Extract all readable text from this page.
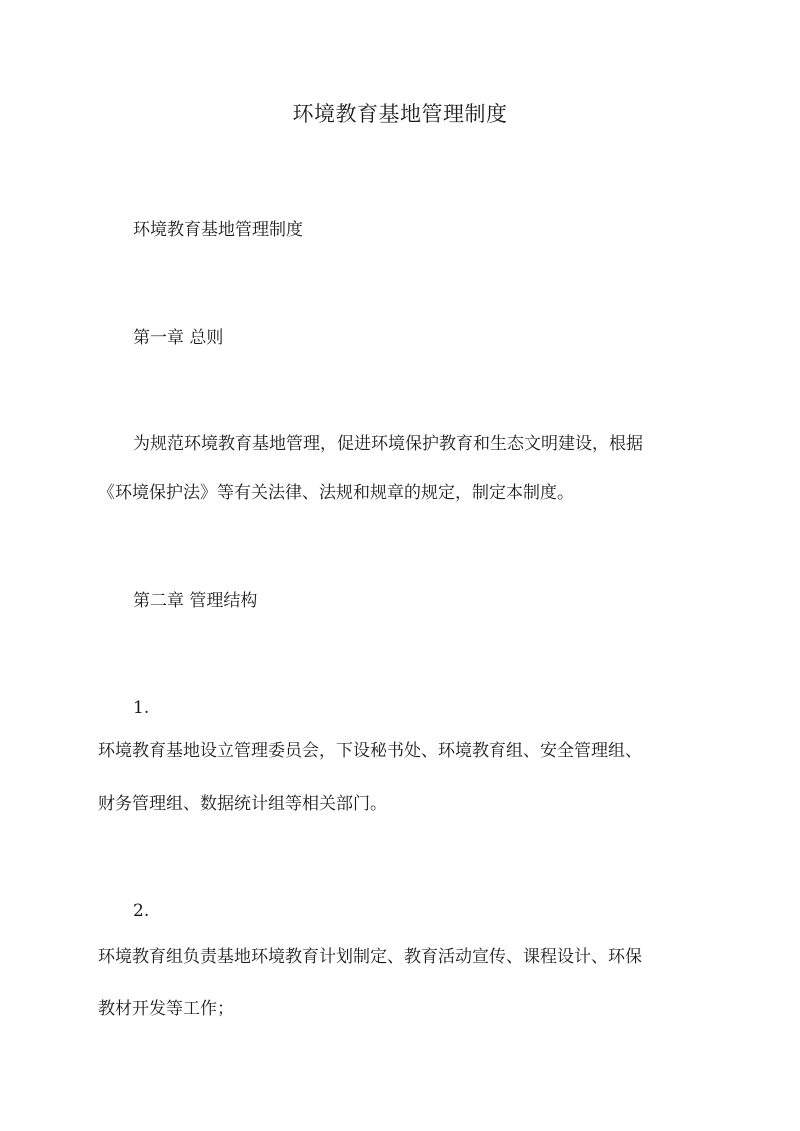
环境教育基地管理制度
环境教育基地管理制度
第一章 总则
为规范环境教育基地管理，促进环境保护教育和生态文明建设，根据
《环境保护法》等有关法律、法规和规章的规定，制定本制度。
第二章 管理结构
1.
环境教育基地设立管理委员会，下设秘书处、环境教育组、安全管理组、
财务管理组、数据统计组等相关部门。
2.
环境教育组负责基地环境教育计划制定、教育活动宣传、课程设计、环保
教材开发等工作；
